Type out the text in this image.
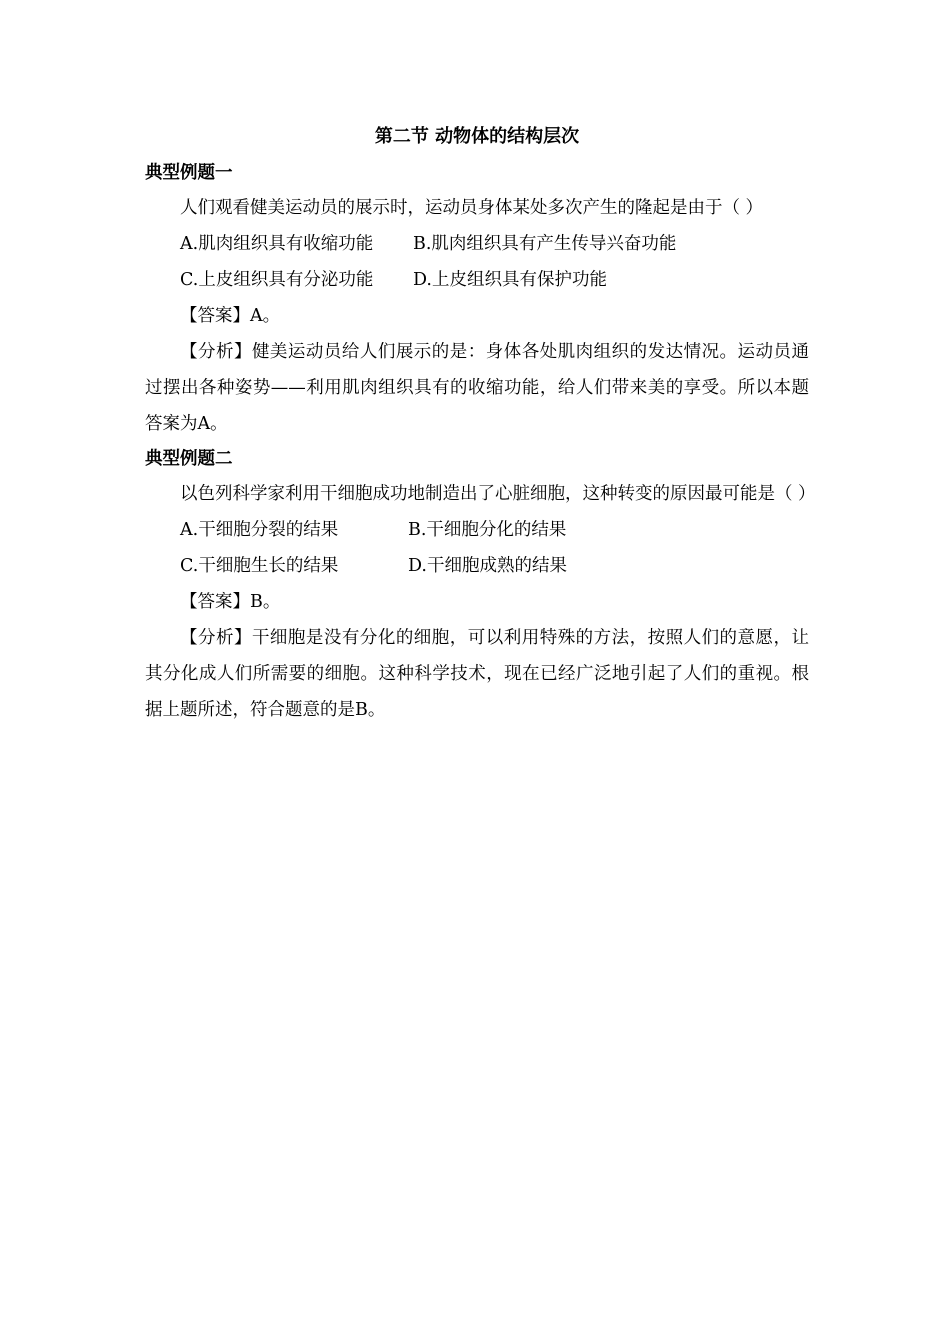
第二节 动物体的结构层次
典型例题一

人们观看健美运动员的展示时，运动员身体某处多次产生的隆起是由于（ ）

A.肌肉组织具有收缩功能 B.肌肉组织具有产生传导兴奋功能
C.上皮组织具有分泌功能 D.上皮组织具有保护功能

【答案】A。

【分析】健美运动员给人们展示的是：身体各处肌肉组织的发达情况。运动员通过摆出各种姿势——利用肌肉组织具有的收缩功能，给人们带来美的享受。所以本题答案为A。

典型例题二

以色列科学家利用干细胞成功地制造出了心脏细胞，这种转变的原因最可能是（ ）

A.干细胞分裂的结果	B.干细胞分化的结果
C.干细胞生长的结果	D.干细胞成熟的结果

【答案】B。

【分析】干细胞是没有分化的细胞，可以利用特殊的方法，按照人们的意愿，让其分化成人们所需要的细胞。这种科学技术，现在已经广泛地引起了人们的重视。根据上题所述，符合题意的是B。
